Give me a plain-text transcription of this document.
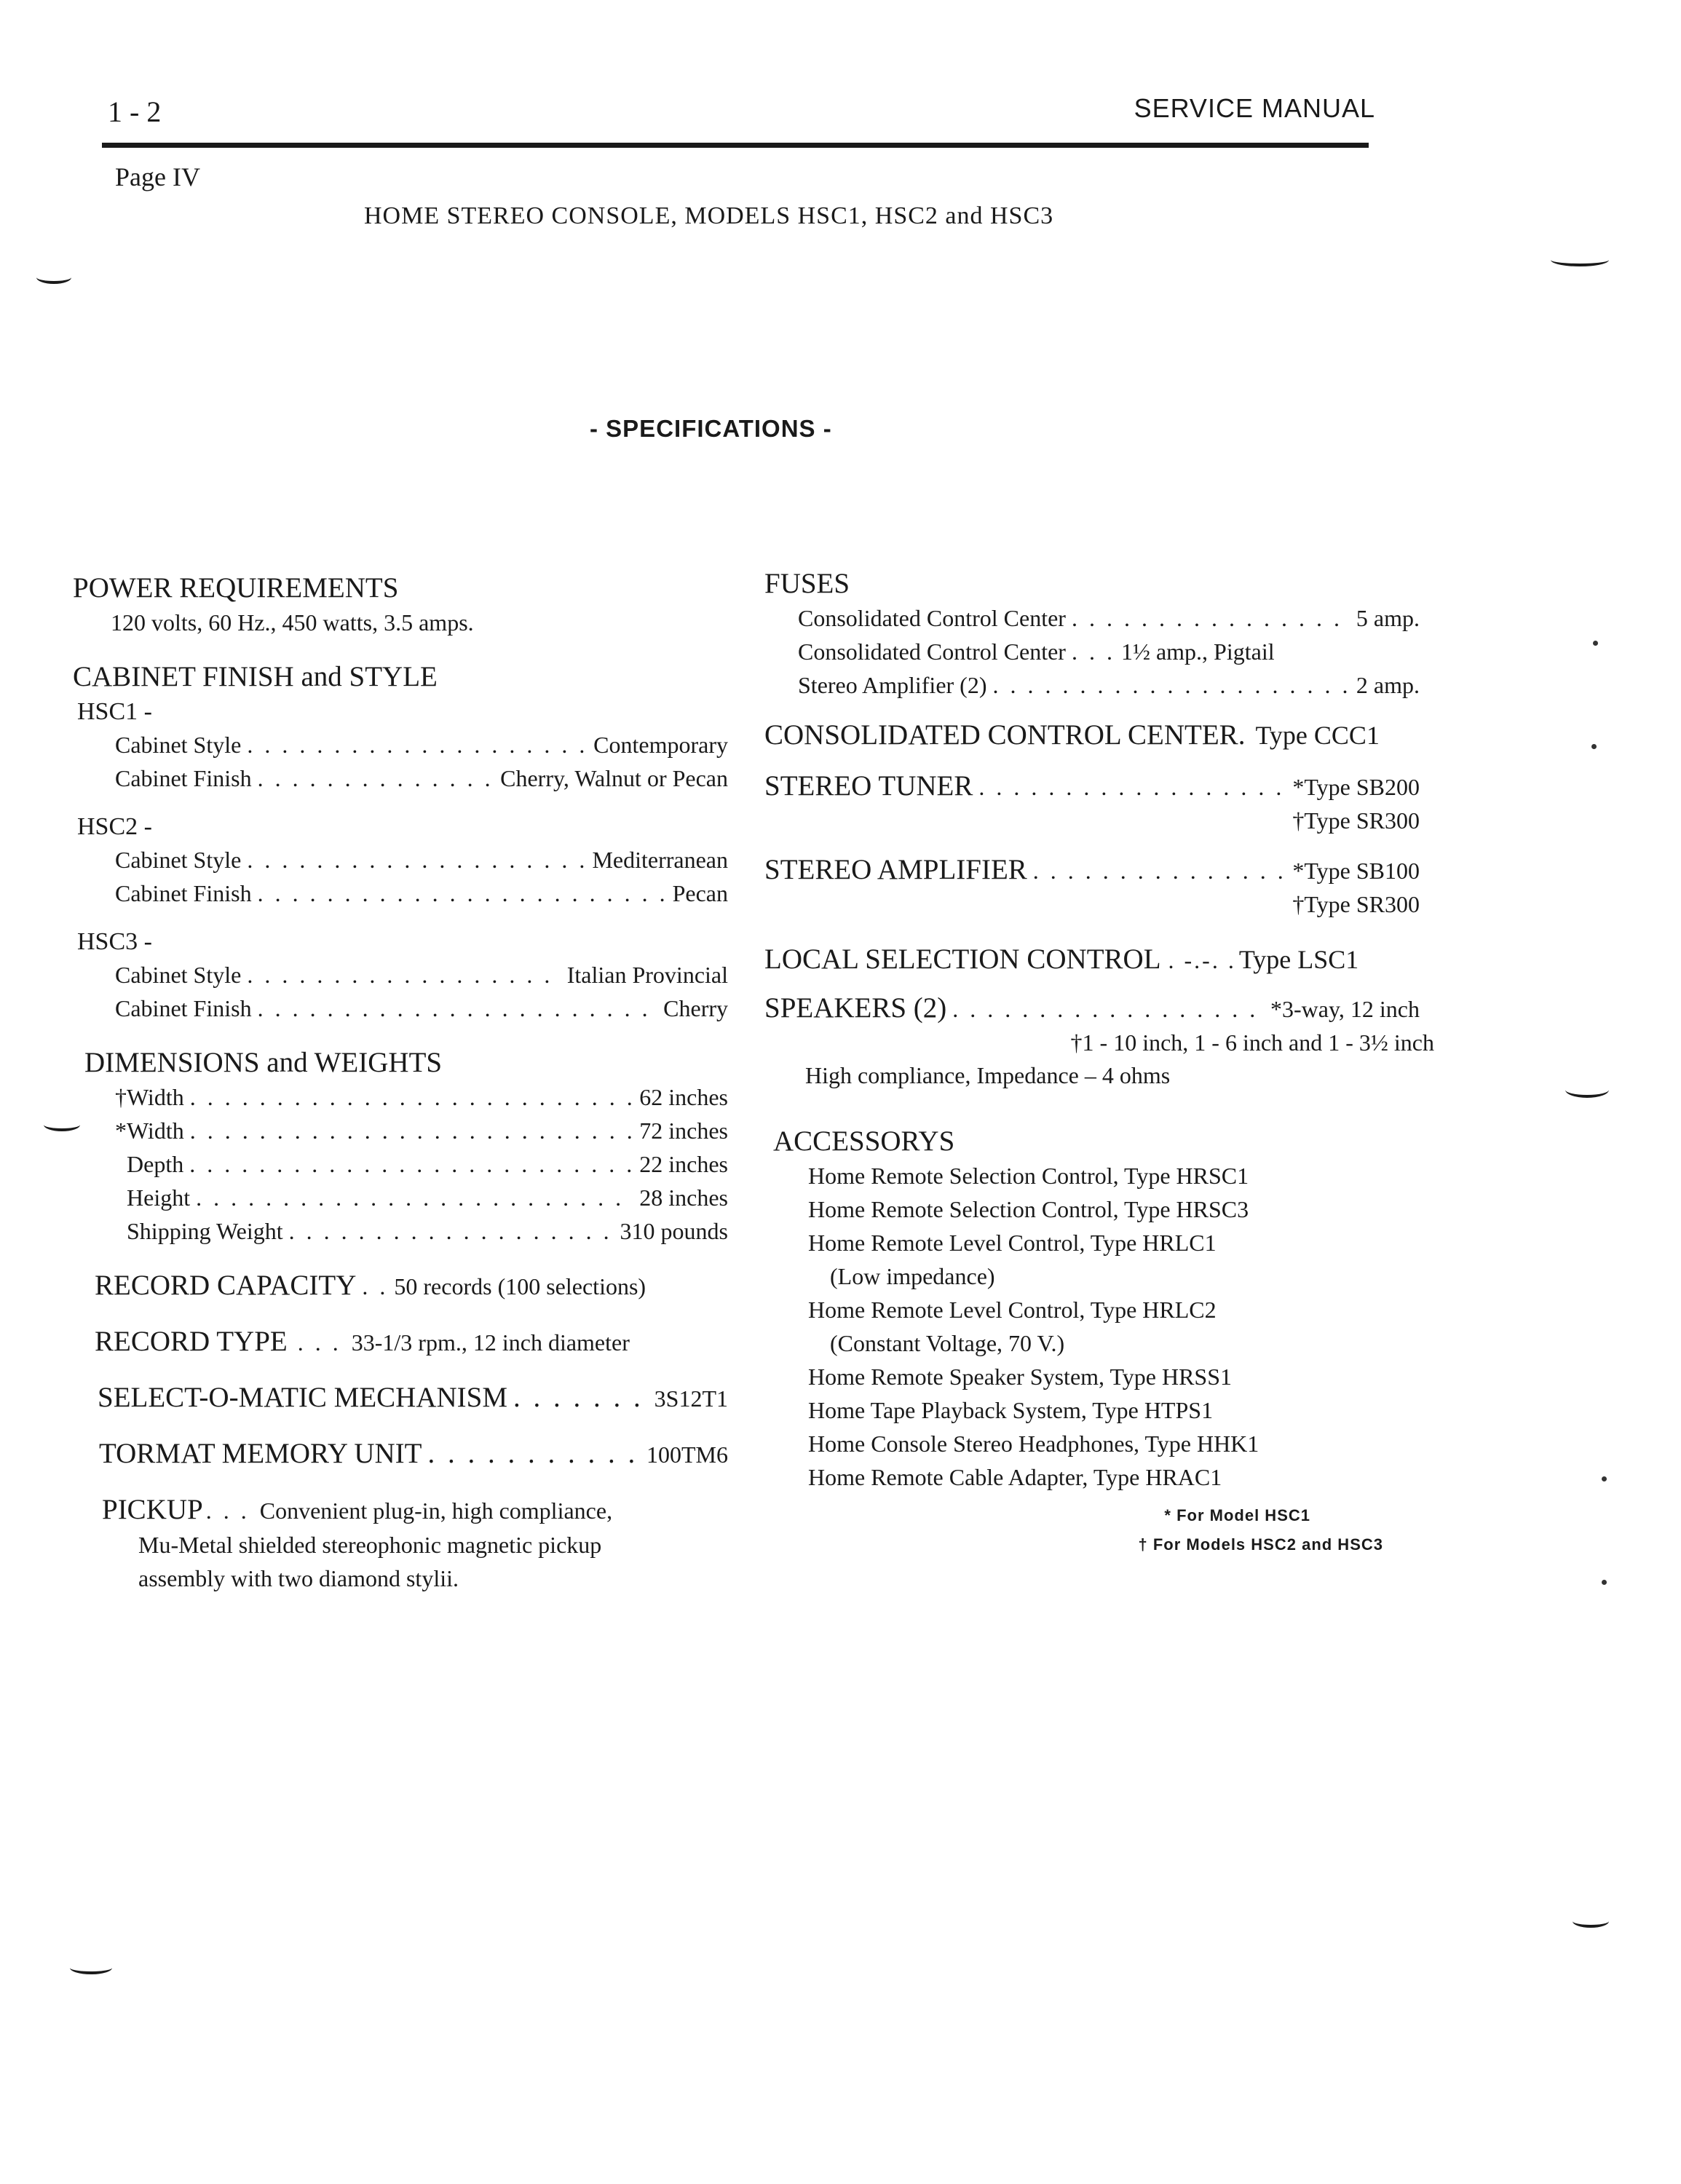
1 - 2	SERVICE MANUAL
Page IV
HOME STEREO CONSOLE, MODELS HSC1, HSC2 and HSC3
- SPECIFICATIONS -
POWER REQUIREMENTS
120 volts, 60 Hz., 450 watts, 3.5 amps.
CABINET FINISH and STYLE
HSC1 -
Cabinet Style . . .	Contemporary
Cabinet Finish . . .	Cherry, Walnut or Pecan
HSC2 -
Cabinet Style . . .	Mediterranean
Cabinet Finish . . .	Pecan
HSC3 -
Cabinet Style . . .	Italian Provincial
Cabinet Finish . . .	Cherry
DIMENSIONS and WEIGHTS
†Width . . .	62 inches
*Width . . .	72 inches
Depth . . .	22 inches
Height . . .	28 inches
Shipping Weight . . .	310 pounds
RECORD CAPACITY . . 50 records (100 selections)
RECORD TYPE . . . 33-1/3 rpm., 12 inch diameter
SELECT-O-MATIC MECHANISM . . .	3S12T1
TORMAT MEMORY UNIT . . .	100TM6
PICKUP . . . Convenient plug-in, high compliance,
Mu-Metal shielded stereophonic magnetic pickup
assembly with two diamond stylii.
FUSES
Consolidated Control Center . . .	5 amp.
Consolidated Control Center . . . 1½ amp., Pigtail
Stereo Amplifier (2) . . .	2 amp.
CONSOLIDATED CONTROL CENTER. Type CCC1
STEREO TUNER . . .	*Type SB200
†Type SR300
STEREO AMPLIFIER . . .	*Type SB100
†Type SR300
LOCAL SELECTION CONTROL . -.-. . Type LSC1
SPEAKERS (2) . . .	*3-way, 12 inch
†1 - 10 inch, 1 - 6 inch and 1 - 3½ inch
High compliance, Impedance – 4 ohms
ACCESSORYS
Home Remote Selection Control, Type HRSC1
Home Remote Selection Control, Type HRSC3
Home Remote Level Control, Type HRLC1
(Low impedance)
Home Remote Level Control, Type HRLC2
(Constant Voltage, 70 V.)
Home Remote Speaker System, Type HRSS1
Home Tape Playback System, Type HTPS1
Home Console Stereo Headphones, Type HHK1
Home Remote Cable Adapter, Type HRAC1
* For Model HSC1
† For Models HSC2 and HSC3
